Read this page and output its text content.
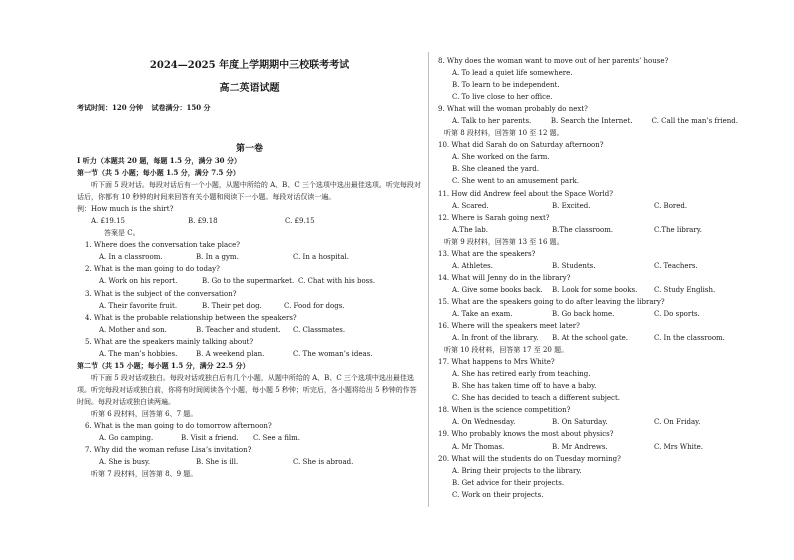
2024—2025 年度上学期期中三校联考考试
高二英语试题
考试时间：120 分钟 试卷满分：150 分
第一卷
I 听力（本题共 20 题，每题 1.5 分，满分 30 分）
第一节（共 5 小题；每小题 1.5 分，满分 7.5 分）
听下面 5 段对话。每段对话后有一个小题，从题中所给的 A、B、C 三个选项中选出最佳选项。听完每段对话后，你都有 10 秒钟的时间来回答有关小题和阅读下一小题。每段对话仅读一遍。
例：How much is the shirt?
A. £19.15	B. £9.18	C. £9.15
答案是 C。
1. Where does the conversation take place?
A. In a classroom.	B. In a gym.	C. In a hospital.
2. What is the man going to do today?
A. Work on his report.	B. Go to the supermarket. C. Chat with his boss.
3. What is the subject of the conversation?
A. Their favorite fruit.	B. Their pet dog.	C. Food for dogs.
4. What is the probable relationship between the speakers?
A. Mother and son.	B. Teacher and student.	C. Classmates.
5. What are the speakers mainly talking about?
A. The man’s hobbies.	B. A weekend plan.	C. The woman’s ideas.
第二节（共 15 小题；每小题 1.5 分，满分 22.5 分）
听下面 5 段对话或独白。每段对话或独白后有几个小题，从题中所给的 A、B、C 三个选项中选出最佳选项。听完每段对话或独白前，你将有时间阅读各个小题，每小题 5 秒钟；听完后，各小题将给出 5 秒钟的作答时间。每段对话或独白读两遍。
听第 6 段材料，回答第 6、7 题。
6. What is the man going to do tomorrow afternoon?
A. Go camping.	B. Visit a friend.	C. See a film.
7. Why did the woman refuse Lisa’s invitation?
A. She is busy.	B. She is ill.	C. She is abroad.
听第 7 段材料，回答第 8、9 题。
8. Why does the woman want to move out of her parents’ house?
A. To lead a quiet life somewhere.
B. To learn to be independent.
C. To live close to her office.
9. What will the woman probably do next?
A. Talk to her parents.	B. Search the Internet.	C. Call the man’s friend.
听第 8 段材料，回答第 10 至 12 题。
10. What did Sarah do on Saturday afternoon?
A. She worked on the farm.
B. She cleaned the yard.
C. She went to an amusement park.
11. How did Andrew feel about the Space World?
A. Scared.	B. Excited.	C. Bored.
12. Where is Sarah going next?
A.The lab.	B.The classroom.	C.The library.
听第 9 段材料，回答第 13 至 16 题。
13. What are the speakers?
A. Athletes.	B. Students.	C. Teachers.
14. What will Jenny do in the library?
A. Give some books back.	B. Look for some books.	C. Study English.
15. What are the speakers going to do after leaving the library?
A. Take an exam.	B. Go back home.	C. Do sports.
16. Where will the speakers meet later?
A. In front of the library.	B. At the school gate.	C. In the classroom.
听第 10 段材料，回答第 17 至 20 题。
17. What happens to Mrs White?
A. She has retired early from teaching.
B. She has taken time off to have a baby.
C. She has decided to teach a different subject.
18. When is the science competition?
A. On Wednesday.	B. On Saturday.	C. On Friday.
19. Who probably knows the most about physics?
A. Mr Thomas.	B. Mr Andrews.	C. Mrs White.
20. What will the students do on Tuesday morning?
A. Bring their projects to the library.
B. Get advice for their projects.
C. Work on their projects.
